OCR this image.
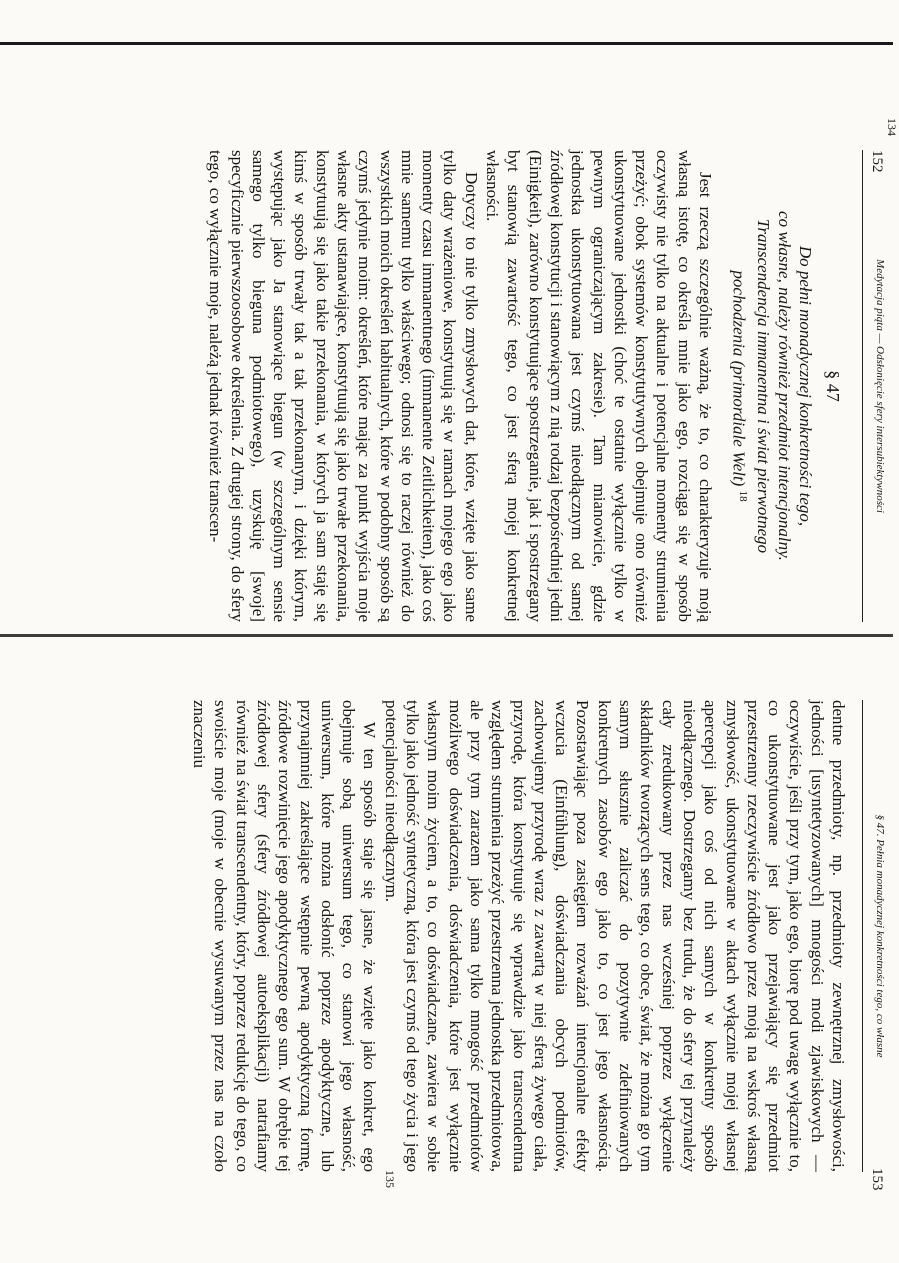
152
Medytacja piąta — Odsłonięcie sfery intersubiektywności
134
§ 47
Do pełni monadycznej konkretności tego,
co własne, należy również przedmiot intencjonalny.
Transcendencja immanentna i świat pierwotnego
pochodzenia (primordiale Welt) $^{18}$

Jest rzeczą szczególnie ważną, że to, co charakteryzuje moją własną istotę, co określa mnie jako ego, rozciąga się w sposób oczywisty nie tylko na aktualne i potencjalne momenty strumienia przeżyć; obok systemów konstytutywnych obejmuje ono również ukonstytuowane jednostki (choć te ostatnie wyłącznie tylko w pewnym ograniczającym zakresie). Tam mianowicie, gdzie jednostka ukonstytuowana jest czymś nieodłącznym od samej źródłowej konstytucji i stanowiącym z nią rodzaj bezpośredniej jedni (Einigkeit), zarówno konstytuujące spostrzeganie, jak i spostrzegany byt stanowią zawartość tego, co jest sferą mojej konkretnej własności.

Dotyczy to nie tylko zmysłowych dat, które, wzięte jako same tylko daty wrażeniowe, konstytuują się w ramach mojego ego jako momenty czasu immanentnego (immanente Zeitlichkeiten), jako coś mnie samemu tylko właściwego; odnosi się to raczej również do wszystkich moich określeń habitualnych, które w podobny sposób są czymś jedynie moim: określeń, które mając za punkt wyjścia moje własne akty ustanawiające, konstytuują się jako trwałe przekonania, konstytuują się jako takie przekonania, w których ja sam staję się kimś w sposób trwały tak a tak przekonanym, i dzięki którym, występując jako Ja stanowiące biegun (w szczególnym sensie samego tylko bieguna podmiotowego), uzyskuję [swoje] specyficznie pierwszoosobowe określenia. Z drugiej strony, do sfery tego, co wyłącznie moje, należą jednak również transcen-

153
§ 47. Pełnia monadycznej konkretności tego, co własne
135

dentne przedmioty, np. przedmioty zewnętrznej zmysłowości, jedności [usyntetyzowanych] mnogości modi zjawiskowych — oczywiście, jeśli przy tym, jako ego, biorę pod uwagę wyłącznie to, co ukonstytuowane jest jako przejawiający się przedmiot przestrzenny rzeczywiście źródłowo przez moją na wskroś własną zmysłowość, ukonstytuowane w aktach wyłącznie mojej własnej apercepcji jako coś od nich samych w konkretny sposób nieodłącznego. Dostrzegamy bez trudu, że do sfery tej przynależy cały zredukowany przez nas wcześniej poprzez wyłączenie składników tworzących sens tego, co obce, świat, że można go tym samym słusznie zaliczać do pozytywnie zdefiniowanych konkretnych zasobów ego jako to, co jest jego własnością. Pozostawiając poza zasięgiem rozważań intencjonalne efekty wczucia (Einfühlung), doświadczania obcych podmiotów, zachowujemy przyrodę wraz z zawartą w niej sferą żywego ciała, przyrodę, która konstytuuje się wprawdzie jako transcendentna względem strumienia przeżyć przestrzenna jednostka przedmiotowa, ale przy tym zarazem jako sama tylko mnogość przedmiotów możliwego doświadczenia, doświadczenia, które jest wyłącznie własnym moim życiem, a to, co doświadczane, zawiera w sobie tylko jako jedność syntetyczną, która jest czymś od tego życia i jego potencjalności nieodłącznym.

W ten sposób staje się jasne, że wzięte jako konkret, ego obejmuje sobą uniwersum tego, co stanowi jego własność, uniwersum, które można odsłonić poprzez apodyktyczne, lub przynajmniej zakreślające wstępnie pewną apodyktyczną formę, źródłowe rozwinięcie jego apodyktycznego ego sum. W obrębie tej źródłowej sfery (sfery źródłowej autoeksplikacji) natrafiamy również na świat transcendentny, który, poprzez redukcję do tego, co swoiście moje (moje w obecnie wysuwanym przez nas na czoło znaczeniu
